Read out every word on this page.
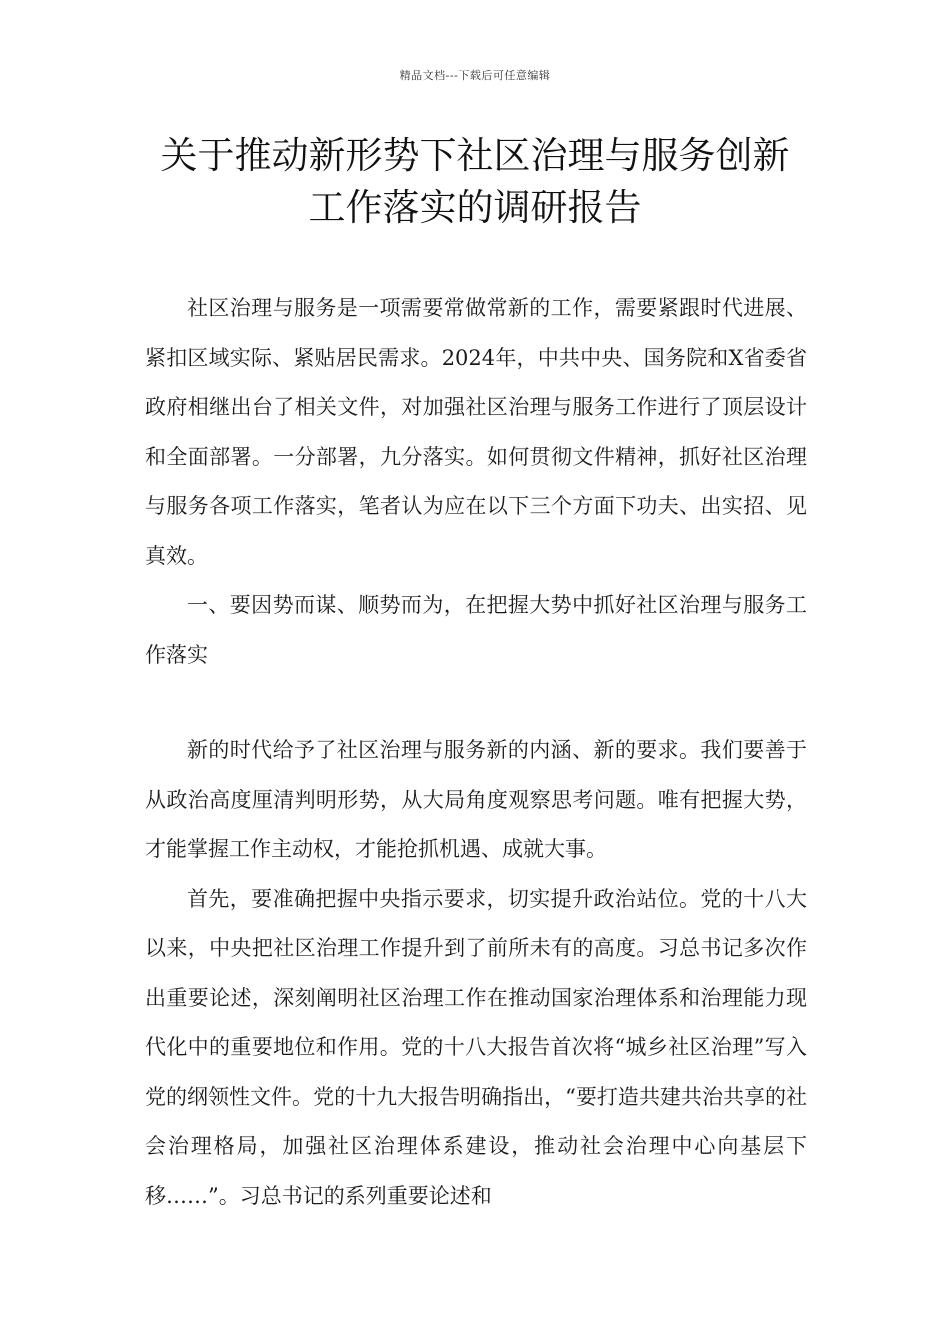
精品文档---下载后可任意编辑
关于推动新形势下社区治理与服务创新
工作落实的调研报告

社区治理与服务是一项需要常做常新的工作，需要紧跟时代进展、紧扣区域实际、紧贴居民需求。2024年，中共中央、国务院和X省委省政府相继出台了相关文件，对加强社区治理与服务工作进行了顶层设计和全面部署。一分部署，九分落实。如何贯彻文件精神，抓好社区治理与服务各项工作落实，笔者认为应在以下三个方面下功夫、出实招、见真效。

一、要因势而谋、顺势而为，在把握大势中抓好社区治理与服务工作落实

新的时代给予了社区治理与服务新的内涵、新的要求。我们要善于从政治高度厘清判明形势，从大局角度观察思考问题。唯有把握大势，才能掌握工作主动权，才能抢抓机遇、成就大事。

首先，要准确把握中央指示要求，切实提升政治站位。党的十八大以来，中央把社区治理工作提升到了前所未有的高度。习总书记多次作出重要论述，深刻阐明社区治理工作在推动国家治理体系和治理能力现代化中的重要地位和作用。党的十八大报告首次将“城乡社区治理”写入党的纲领性文件。党的十九大报告明确指出，“要打造共建共治共享的社会治理格局，加强社区治理体系建设，推动社会治理中心向基层下移……”。习总书记的系列重要论述和
